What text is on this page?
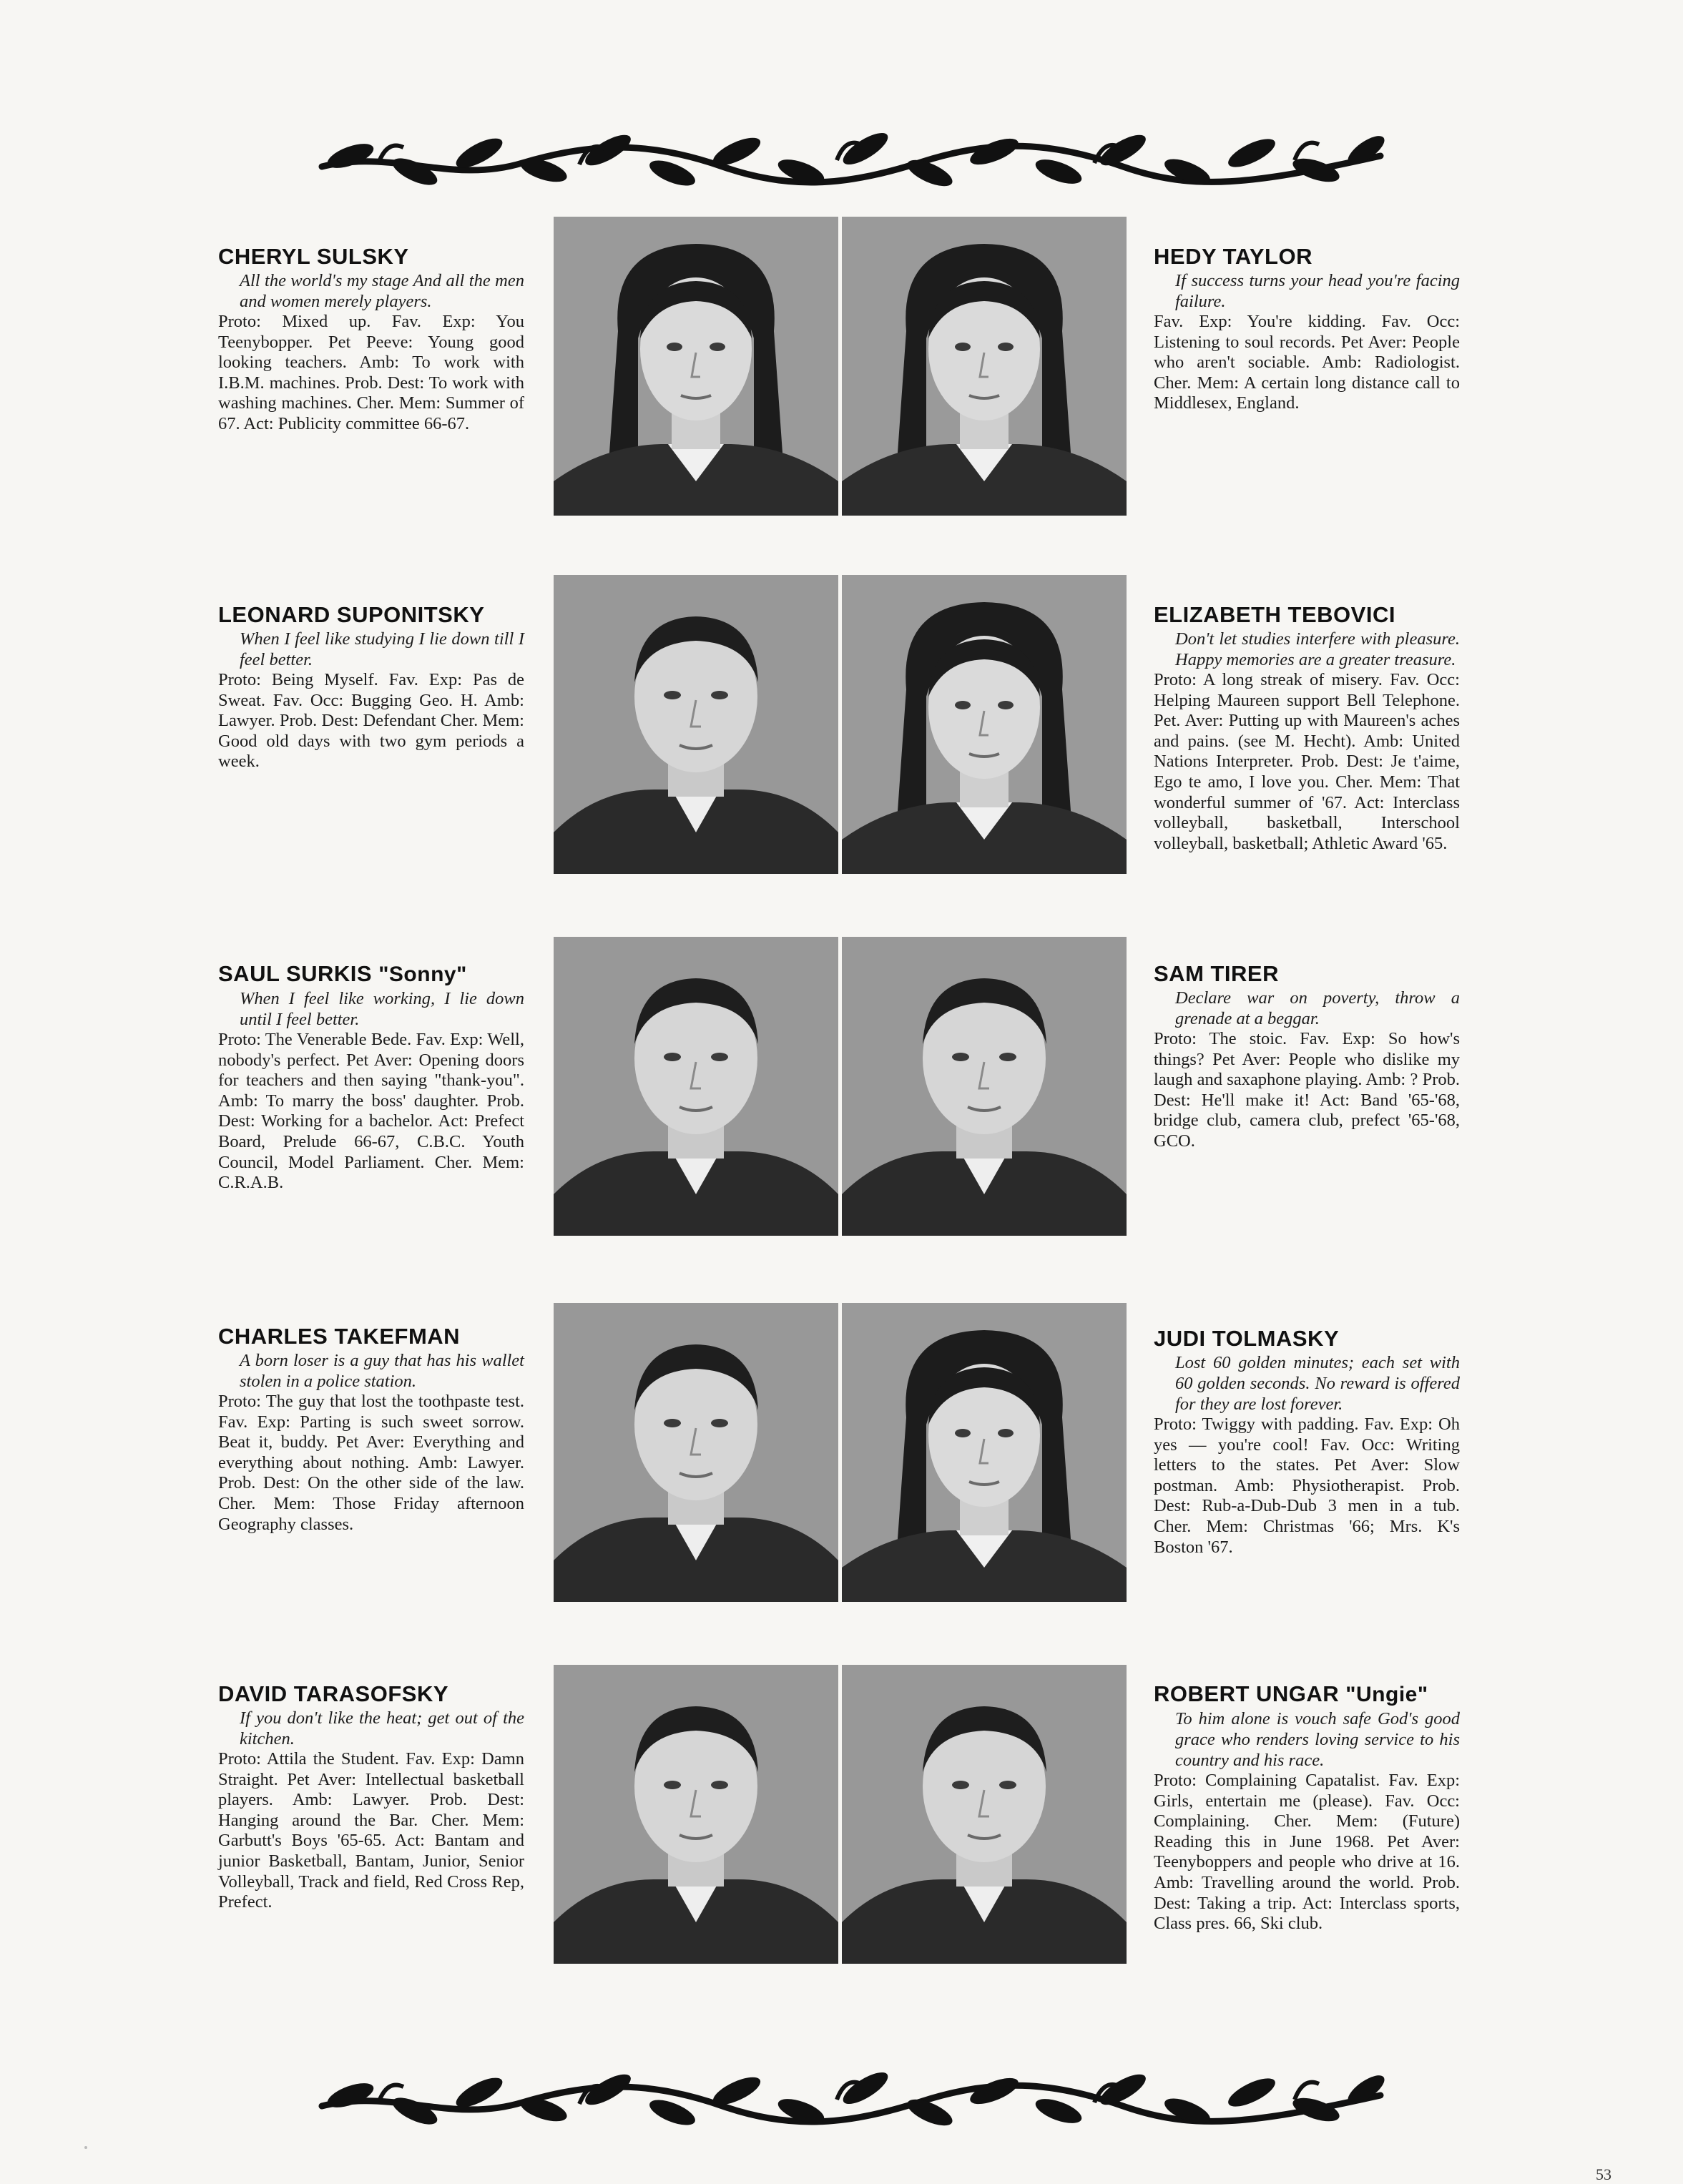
CHERYL SULSKY

All the world's my stage And all the men and women merely players.

Proto: Mixed up. Fav. Exp: You Teenybopper. Pet Peeve: Young good looking teachers. Amb: To work with I.B.M. machines. Prob. Dest: To work with washing machines. Cher. Mem: Summer of 67. Act: Publicity committee 66-67.

HEDY TAYLOR

If success turns your head you're facing failure.

Fav. Exp: You're kidding. Fav. Occ: Listening to soul records. Pet Aver: People who aren't sociable. Amb: Radiologist. Cher. Mem: A certain long distance call to Middlesex, England.

LEONARD SUPONITSKY

When I feel like studying I lie down till I feel better.

Proto: Being Myself. Fav. Exp: Pas de Sweat. Fav. Occ: Bugging Geo. H. Amb: Lawyer. Prob. Dest: Defendant Cher. Mem: Good old days with two gym periods a week.

ELIZABETH TEBOVICI

Don't let studies interfere with pleasure. Happy memories are a greater treasure.

Proto: A long streak of misery. Fav. Occ: Helping Maureen support Bell Telephone. Pet. Aver: Putting up with Maureen's aches and pains. (see M. Hecht). Amb: United Nations Interpreter. Prob. Dest: Je t'aime, Ego te amo, I love you. Cher. Mem: That wonderful summer of '67. Act: Interclass volleyball, basketball, Interschool volleyball, basketball; Athletic Award '65.

SAUL SURKIS "Sonny"

When I feel like working, I lie down until I feel better.

Proto: The Venerable Bede. Fav. Exp: Well, nobody's perfect. Pet Aver: Opening doors for teachers and then saying "thank-you". Amb: To marry the boss' daughter. Prob. Dest: Working for a bachelor. Act: Prefect Board, Prelude 66-67, C.B.C. Youth Council, Model Parliament. Cher. Mem: C.R.A.B.

SAM TIRER

Declare war on poverty, throw a grenade at a beggar.

Proto: The stoic. Fav. Exp: So how's things? Pet Aver: People who dislike my laugh and saxaphone playing. Amb: ? Prob. Dest: He'll make it! Act: Band '65-'68, bridge club, camera club, prefect '65-'68, GCO.

CHARLES TAKEFMAN

A born loser is a guy that has his wallet stolen in a police station.

Proto: The guy that lost the toothpaste test. Fav. Exp: Parting is such sweet sorrow. Beat it, buddy. Pet Aver: Everything and everything about nothing. Amb: Lawyer. Prob. Dest: On the other side of the law. Cher. Mem: Those Friday afternoon Geography classes.

JUDI TOLMASKY

Lost 60 golden minutes; each set with 60 golden seconds. No reward is offered for they are lost forever.

Proto: Twiggy with padding. Fav. Exp: Oh yes — you're cool! Fav. Occ: Writing letters to the states. Pet Aver: Slow postman. Amb: Physiotherapist. Prob. Dest: Rub-a-Dub-Dub 3 men in a tub. Cher. Mem: Christmas '66; Mrs. K's Boston '67.

DAVID TARASOFSKY

If you don't like the heat; get out of the kitchen.

Proto: Attila the Student. Fav. Exp: Damn Straight. Pet Aver: Intellectual basketball players. Amb: Lawyer. Prob. Dest: Hanging around the Bar. Cher. Mem: Garbutt's Boys '65-65. Act: Bantam and junior Basketball, Bantam, Junior, Senior Volleyball, Track and field, Red Cross Rep, Prefect.

ROBERT UNGAR "Ungie"

To him alone is vouch safe God's good grace who renders loving service to his country and his race.

Proto: Complaining Capatalist. Fav. Exp: Girls, entertain me (please). Fav. Occ: Complaining. Cher. Mem: (Future) Reading this in June 1968. Pet Aver: Teenyboppers and people who drive at 16. Amb: Travelling around the world. Prob. Dest: Taking a trip. Act: Interclass sports, Class pres. 66, Ski club.

53
